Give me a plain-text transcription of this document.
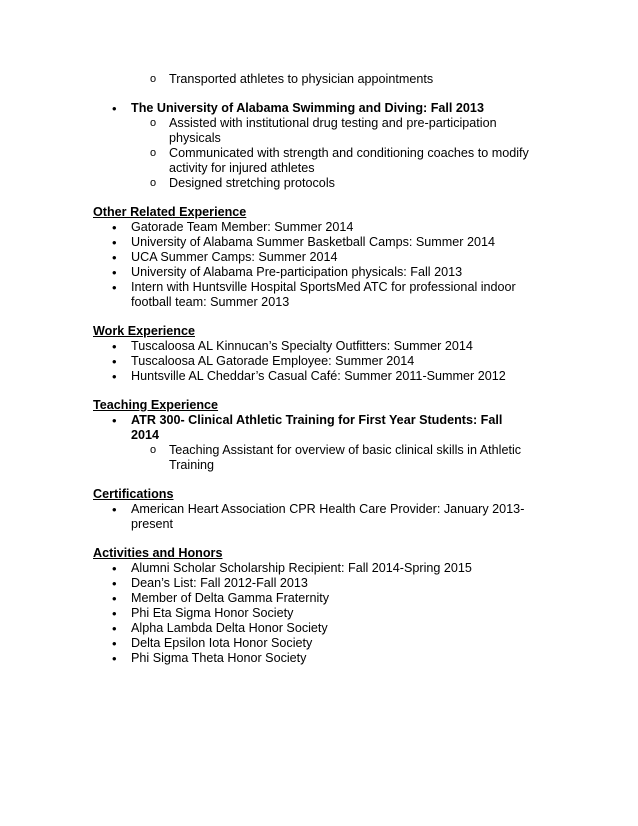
o Transported athletes to physician appointments
• The University of Alabama Swimming and Diving: Fall 2013
o Assisted with institutional drug testing and pre-participation physicals
o Communicated with strength and conditioning coaches to modify activity for injured athletes
o Designed stretching protocols
Other Related Experience
• Gatorade Team Member: Summer 2014
• University of Alabama Summer Basketball Camps: Summer 2014
• UCA Summer Camps: Summer 2014
• University of Alabama Pre-participation physicals: Fall 2013
• Intern with Huntsville Hospital SportsMed ATC for professional indoor football team: Summer 2013
Work Experience
• Tuscaloosa AL Kinnucan’s Specialty Outfitters: Summer 2014
• Tuscaloosa AL Gatorade Employee: Summer 2014
• Huntsville AL Cheddar’s Casual Café: Summer 2011-Summer 2012
Teaching Experience
• ATR 300- Clinical Athletic Training for First Year Students: Fall 2014
o Teaching Assistant for overview of basic clinical skills in Athletic Training
Certifications
• American Heart Association CPR Health Care Provider: January 2013-present
Activities and Honors
• Alumni Scholar Scholarship Recipient: Fall 2014-Spring 2015
• Dean’s List: Fall 2012-Fall 2013
• Member of Delta Gamma Fraternity
• Phi Eta Sigma Honor Society
• Alpha Lambda Delta Honor Society
• Delta Epsilon Iota Honor Society
• Phi Sigma Theta Honor Society
